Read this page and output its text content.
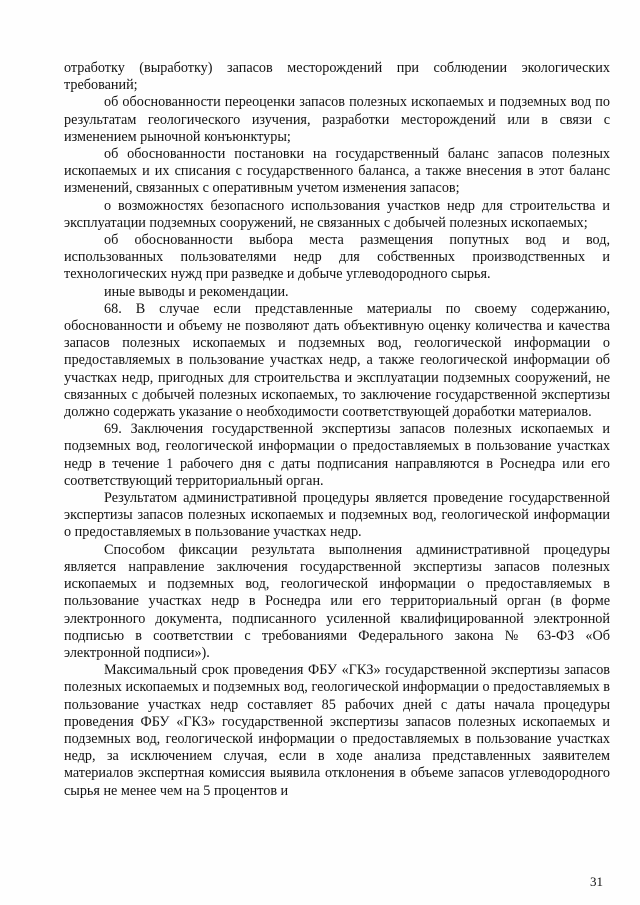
отработку (выработку) запасов месторождений при соблюдении экологических требований;

об обоснованности переоценки запасов полезных ископаемых и подземных вод по результатам геологического изучения, разработки месторождений или в связи с изменением рыночной конъюнктуры;

об обоснованности постановки на государственный баланс запасов полезных ископаемых и их списания с государственного баланса, а также внесения в этот баланс изменений, связанных с оперативным учетом изменения запасов;

о возможностях безопасного использования участков недр для строительства и эксплуатации подземных сооружений, не связанных с добычей полезных ископаемых;

об обоснованности выбора места размещения попутных вод и вод, использованных пользователями недр для собственных производственных и технологических нужд при разведке и добыче углеводородного сырья.

иные выводы и рекомендации.

68. В случае если представленные материалы по своему содержанию, обоснованности и объему не позволяют дать объективную оценку количества и качества запасов полезных ископаемых и подземных вод, геологической информации о предоставляемых в пользование участках недр, а также геологической информации об участках недр, пригодных для строительства и эксплуатации подземных сооружений, не связанных с добычей полезных ископаемых, то заключение государственной экспертизы должно содержать указание о необходимости соответствующей доработки материалов.

69. Заключения государственной экспертизы запасов полезных ископаемых и подземных вод, геологической информации о предоставляемых в пользование участках недр в течение 1 рабочего дня с даты подписания направляются в Роснедра или его соответствующий территориальный орган.

Результатом административной процедуры является проведение государственной экспертизы запасов полезных ископаемых и подземных вод, геологической информации о предоставляемых в пользование участках недр.

Способом фиксации результата выполнения административной процедуры является направление заключения государственной экспертизы запасов полезных ископаемых и подземных вод, геологической информации о предоставляемых в пользование участках недр в Роснедра или его территориальный орган (в форме электронного документа, подписанного усиленной квалифицированной электронной подписью в соответствии с требованиями Федерального закона № 63-ФЗ «Об электронной подписи»).

Максимальный срок проведения ФБУ «ГКЗ» государственной экспертизы запасов полезных ископаемых и подземных вод, геологической информации о предоставляемых в пользование участках недр составляет 85 рабочих дней с даты начала процедуры проведения ФБУ «ГКЗ» государственной экспертизы запасов полезных ископаемых и подземных вод, геологической информации о предоставляемых в пользование участках недр, за исключением случая, если в ходе анализа представленных заявителем материалов экспертная комиссия выявила отклонения в объеме запасов углеводородного сырья не менее чем на 5 процентов и

31
